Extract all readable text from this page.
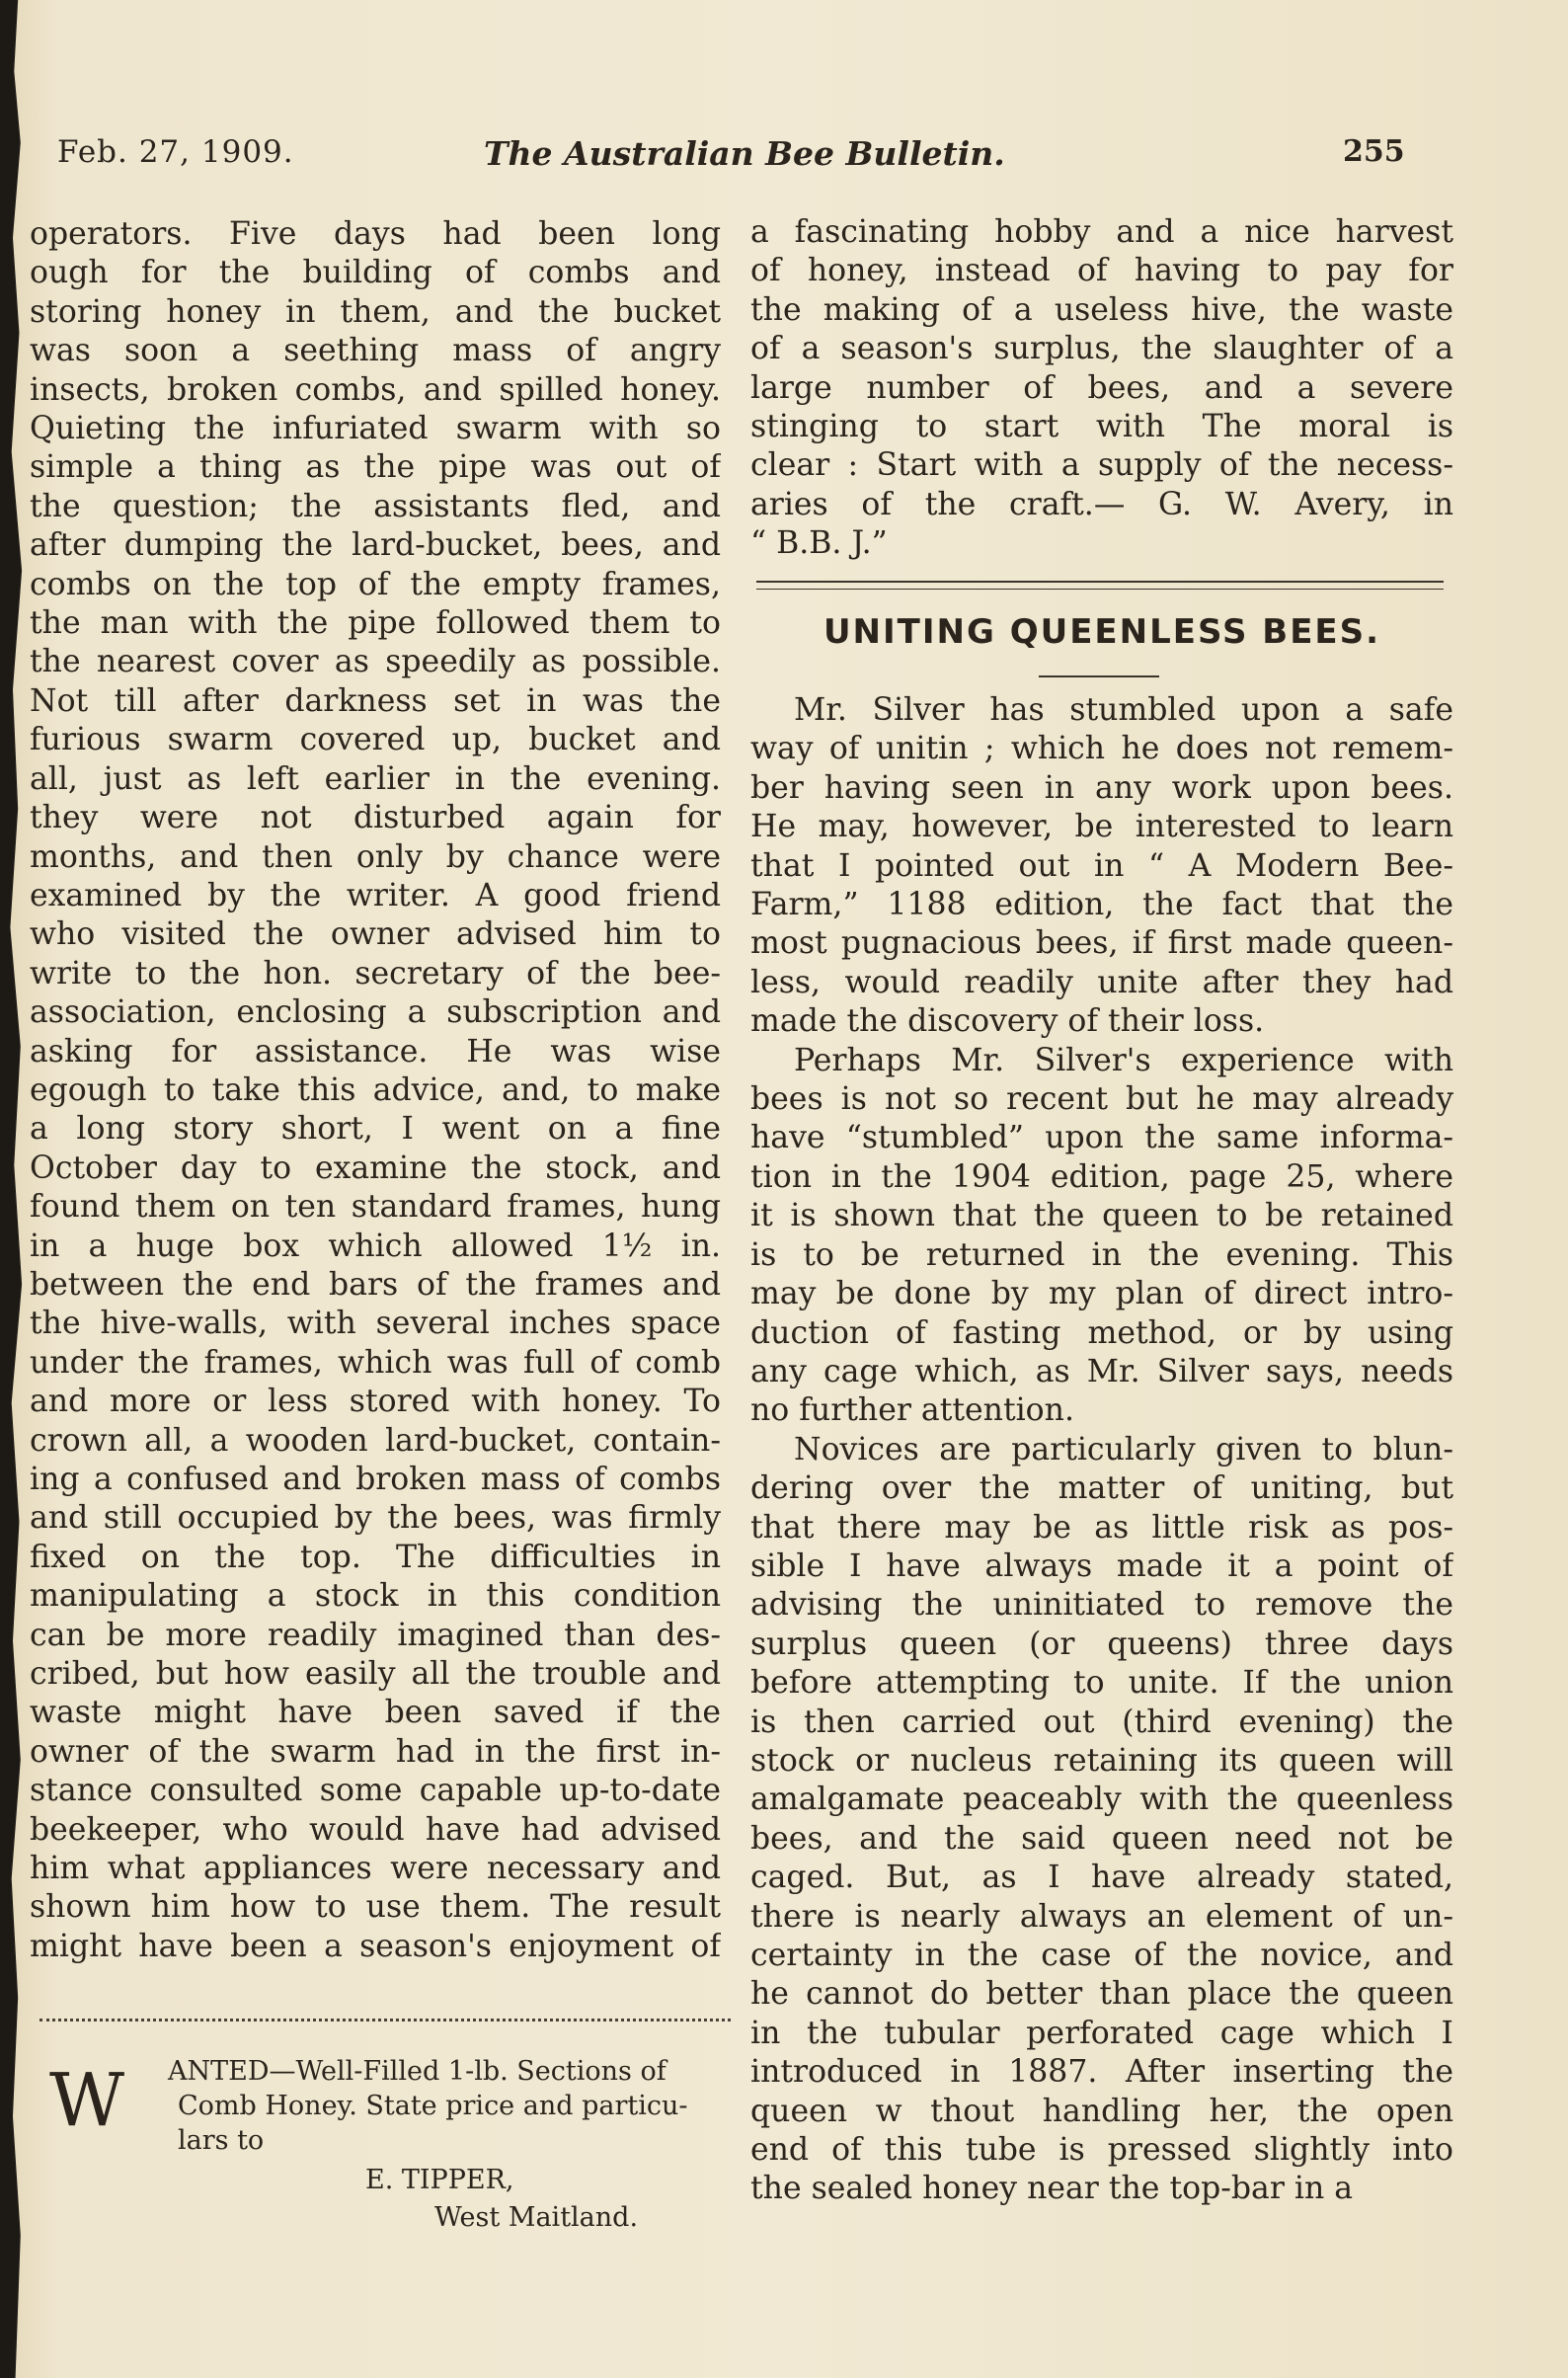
Feb. 27, 1909.	The Australian Bee Bulletin.	255
operators. Five days had been long
ough for the building of combs and
storing honey in them, and the bucket
was soon a seething mass of angry
insects, broken combs, and spilled honey.
Quieting the infuriated swarm with so
simple a thing as the pipe was out of
the question; the assistants fled, and
after dumping the lard-bucket, bees, and
combs on the top of the empty frames,
the man with the pipe followed them to
the nearest cover as speedily as possible.
Not till after darkness set in was the
furious swarm covered up, bucket and
all, just as left earlier in the evening.
they were not disturbed again for
months, and then only by chance were
examined by the writer. A good friend
who visited the owner advised him to
write to the hon. secretary of the bee-
association, enclosing a subscription and
asking for assistance. He was wise
egough to take this advice, and, to make
a long story short, I went on a fine
October day to examine the stock, and
found them on ten standard frames, hung
in a huge box which allowed 1½ in.
between the end bars of the frames and
the hive-walls, with several inches space
under the frames, which was full of comb
and more or less stored with honey. To
crown all, a wooden lard-bucket, contain-
ing a confused and broken mass of combs
and still occupied by the bees, was firmly
fixed on the top. The difficulties in
manipulating a stock in this condition
can be more readily imagined than des-
cribed, but how easily all the trouble and
waste might have been saved if the
owner of the swarm had in the first in-
stance consulted some capable up-to-date
beekeeper, who would have had advised
him what appliances were necessary and
shown him how to use them. The result
might have been a season's enjoyment of
W ANTED—Well-Filled 1-lb. Sections of
Comb Honey. State price and particu-
lars to
E. TIPPER,
West Maitland.
a fascinating hobby and a nice harvest
of honey, instead of having to pay for
the making of a useless hive, the waste
of a season's surplus, the slaughter of a
large number of bees, and a severe
stinging to start with The moral is
clear : Start with a supply of the necess-
aries of the craft.— G. W. Avery, in
“ B.B. J.”
UNITING QUEENLESS BEES.
Mr. Silver has stumbled upon a safe
way of unitin ; which he does not remem-
ber having seen in any work upon bees.
He may, however, be interested to learn
that I pointed out in “ A Modern Bee-
Farm,” 1188 edition, the fact that the
most pugnacious bees, if first made queen-
less, would readily unite after they had
made the discovery of their loss.
Perhaps Mr. Silver's experience with
bees is not so recent but he may already
have “stumbled” upon the same informa-
tion in the 1904 edition, page 25, where
it is shown that the queen to be retained
is to be returned in the evening. This
may be done by my plan of direct intro-
duction of fasting method, or by using
any cage which, as Mr. Silver says, needs
no further attention.
Novices are particularly given to blun-
dering over the matter of uniting, but
that there may be as little risk as pos-
sible I have always made it a point of
advising the uninitiated to remove the
surplus queen (or queens) three days
before attempting to unite. If the union
is then carried out (third evening) the
stock or nucleus retaining its queen will
amalgamate peaceably with the queenless
bees, and the said queen need not be
caged. But, as I have already stated,
there is nearly always an element of un-
certainty in the case of the novice, and
he cannot do better than place the queen
in the tubular perforated cage which I
introduced in 1887. After inserting the
queen w thout handling her, the open
end of this tube is pressed slightly into
the sealed honey near the top-bar in a
